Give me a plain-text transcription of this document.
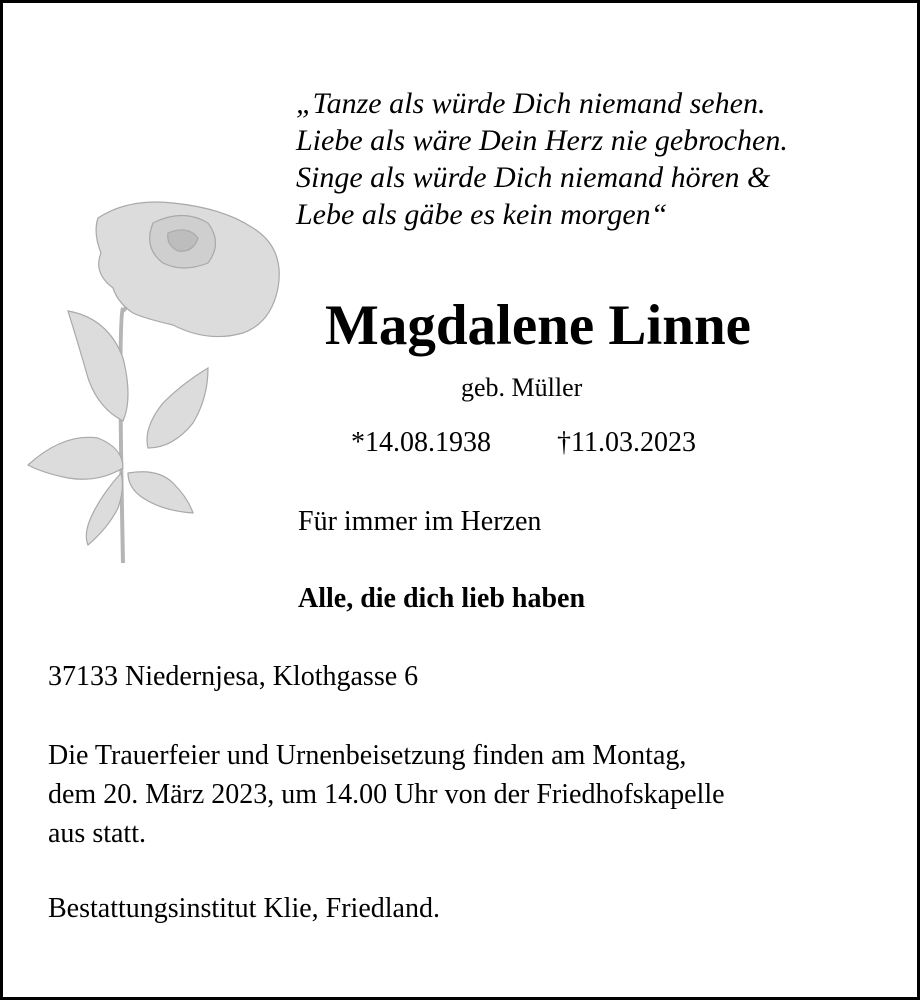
„Tanze als würde Dich niemand sehen.
Liebe als wäre Dein Herz nie gebrochen.
Singe als würde Dich niemand hören &
Lebe als gäbe es kein morgen“
Magdalene Linne
geb. Müller
*14.08.1938 †11.03.2023
Für immer im Herzen
Alle, die dich lieb haben
37133 Niedernjesa, Klothgasse 6
Die Trauerfeier und Urnenbeisetzung finden am Montag,
dem 20. März 2023, um 14.00 Uhr von der Friedhofskapelle
aus statt.
Bestattungsinstitut Klie, Friedland.
